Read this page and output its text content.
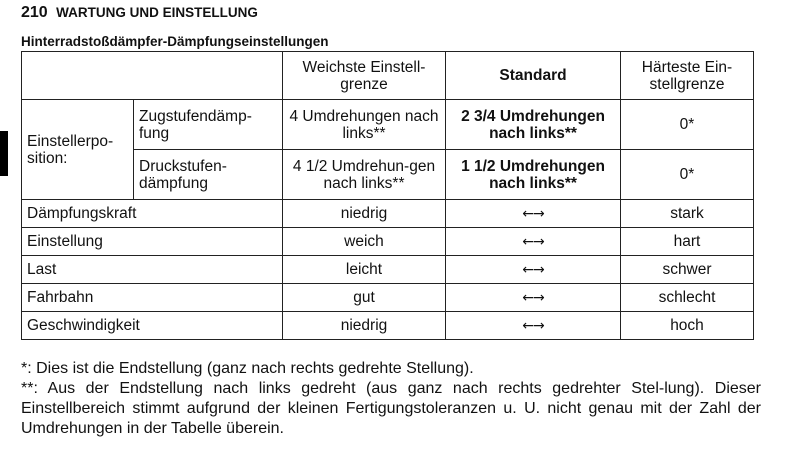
210 WARTUNG UND EINSTELLUNG
Hinterradstoßdämpfer-Dämpfungseinstellungen
		Weichste Einstell-grenze	Standard	Härteste Ein-stellgrenze
Einstellerpo-sition:	Zugstufendämp-fung	4 Umdrehungen nach links**	2 3/4 Umdrehungen nach links**	0*
	Druckstufen-dämpfung	4 1/2 Umdrehun-gen nach links**	1 1/2 Umdrehungen nach links**	0*
Dämpfungskraft		niedrig	←→	stark
Einstellung		weich	←→	hart
Last		leicht	←→	schwer
Fahrbahn		gut	←→	schlecht
Geschwindigkeit		niedrig	←→	hoch

*: Dies ist die Endstellung (ganz nach rechts gedrehte Stellung).

**: Aus der Endstellung nach links gedreht (aus ganz nach rechts gedrehter Stel-lung). Dieser Einstellbereich stimmt aufgrund der kleinen Fertigungstoleranzen u. U. nicht genau mit der Zahl der Umdrehungen in der Tabelle überein.
